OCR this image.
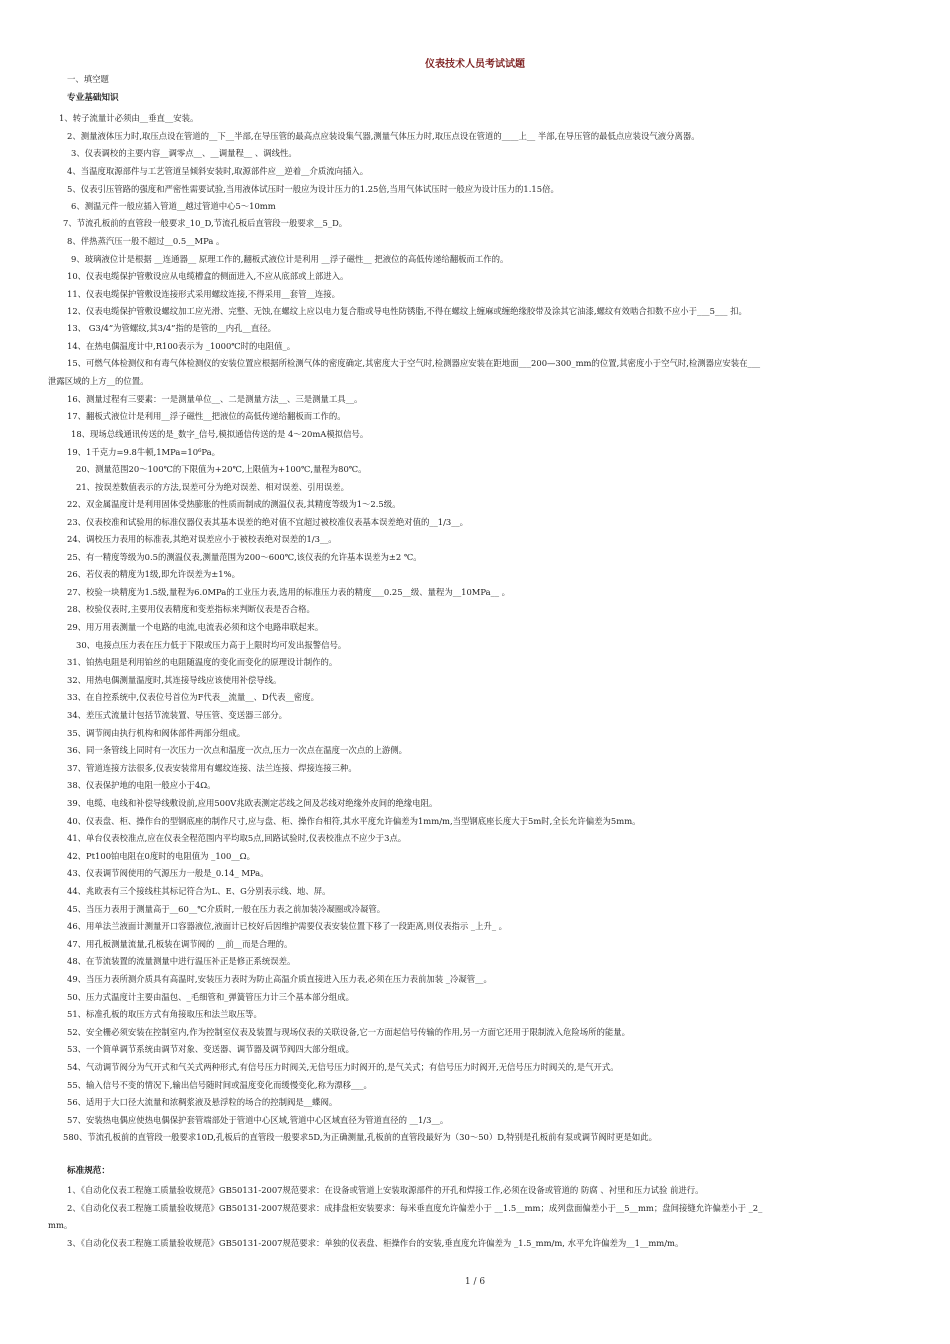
仪表技术人员考试试题
一、填空题
专业基础知识
标准规范：
1、转子流量计必须由__垂直__安装。
2、测量液体压力时,取压点设在管道的__下__半部,在导压管的最高点应装设集气器,测量气体压力时,取压点设在管道的____上__ 半部,在导压管的最低点应装设气液分离器。
3、仪表调校的主要内容__调零点__、__调量程__ 、调线性。
4、当温度取源部件与工艺管道呈倾斜安装时,取源部件应__逆着__介质流向插入。
5、仪表引压管路的强度和严密性需要试验,当用液体试压时一般应为设计压力的1.25倍,当用气体试压时一般应为设计压力的1.15倍。
6、测温元件一般应插入管道__越过管道中心5～10mm
7、节流孔板前的直管段一般要求_10_D,节流孔板后直管段一般要求__5_D。
8、伴热蒸汽压一般不超过__0.5__MPa 。
9、玻璃液位计是根据 __连通器__ 原理工作的,翻板式液位计是利用 __浮子磁性__ 把液位的高低传递给翻板而工作的。
10、仪表电缆保护管敷设应从电缆槽盒的侧面进入,不应从底部或上部进入。
11、仪表电缆保护管敷设连接形式采用螺纹连接,不得采用__套管__连接。
12、仪表电缆保护管敷设螺纹加工应光滑、完整、无蚀,在螺纹上应以电力复合脂或导电性防锈脂,不得在螺纹上缠麻或缠绝缘胶带及涂其它油漆,螺纹有效啮合扣数不应小于___5___ 扣。
13、 G3/4”为管螺纹,其3/4”指的是管的__内孔__直径。
14、在热电偶温度计中,R100表示为 _1000℃时的电阻值_。
15、可燃气体检测仪和有毒气体检测仪的安装位置应根据所检测气体的密度确定,其密度大于空气时,检测器应安装在距地面___200—300_mm的位置,其密度小于空气时,检测器应安装在___
泄露区域的上方__的位置。
16、测量过程有三要素：一是测量单位__、二是测量方法__、三是测量工具__。
17、翻板式液位计是利用__浮子磁性__把液位的高低传递给翻板而工作的。
18、现场总线通讯传送的是_数字_信号,模拟通信传送的是 4～20mA模拟信号。
19、1千克力=9.8牛顿,1MPa=10⁶Pa。
20、测量范围20～100℃的下限值为+20℃,上限值为+100℃,量程为80℃。
21、按误差数值表示的方法,误差可分为绝对误差、相对误差、引用误差。
22、双金属温度计是利用固体受热膨胀的性质而制成的测温仪表,其精度等级为1～2.5级。
23、仪表校准和试验用的标准仪器仪表其基本误差的绝对值不宜超过被校准仪表基本误差绝对值的__1/3__。
24、调校压力表用的标准表,其绝对误差应小于被校表绝对误差的1/3__。
25、有一精度等级为0.5的测温仪表,测量范围为200～600℃,该仪表的允许基本误差为±2 ℃。
26、若仪表的精度为1级,即允许误差为±1%。
27、校验一块精度为1.5级,量程为6.0MPa的工业压力表,选用的标准压力表的精度___0.25__级、量程为__10MPa__ 。
28、校验仪表时,主要用仪表精度和变差指标来判断仪表是否合格。
29、用万用表测量一个电路的电流,电流表必须和这个电路串联起来。
30、电接点压力表在压力低于下限或压力高于上限时均可发出报警信号。
31、铂热电阻是利用铂丝的电阻随温度的变化而变化的原理设计制作的。
32、用热电偶测量温度时,其连接导线应该使用补偿导线。
33、在自控系统中,仪表位号首位为F代表__流量__、D代表__密度。
34、差压式流量计包括节流装置、导压管、变送器三部分。
35、调节阀由执行机构和阀体部件两部分组成。
36、同一条管线上同时有一次压力一次点和温度一次点,压力一次点在温度一次点的上游侧。
37、管道连接方法很多,仪表安装常用有螺纹连接、法兰连接、焊接连接三种。
38、仪表保护地的电阻一般应小于4Ω。
39、电缆、电线和补偿导线敷设前,应用500V兆欧表测定芯线之间及芯线对绝缘外皮间的绝缘电阻。
40、仪表盘、柜、操作台的型钢底座的制作尺寸,应与盘、柜、操作台相符,其水平度允许偏差为1mm/m,当型钢底座长度大于5m时,全长允许偏差为5mm。
41、单台仪表校准点,应在仪表全程范围内平均取5点,回路试验时,仪表校准点不应少于3点。
42、Pt100铂电阻在0度时的电阻值为 _100__Ω。
43、仪表调节阀使用的气源压力一般是_0.14_ MPa。
44、兆欧表有三个接线柱其标记符合为L、E、G分别表示线、地、屏。
45、当压力表用于测量高于__60__℃介质时,一般在压力表之前加装冷凝圈或冷凝管。
46、用单法兰液面计测量开口容器液位,液面计已校好后因维护需要仪表安装位置下移了一段距离,则仪表指示 _上升_ 。
47、用孔板测量流量,孔板装在调节阀的 __前__而是合理的。
48、在节流装置的流量测量中进行温压补正是修正系统误差。
49、当压力表所测介质具有高温时,安装压力表时为防止高温介质直接进入压力表,必须在压力表前加装 _冷凝管__。
50、压力式温度计主要由温包、_毛细管和_弹簧管压力计三个基本部分组成。
51、标准孔板的取压方式有角接取压和法兰取压等。
52、安全栅必须安装在控制室内,作为控制室仪表及装置与现场仪表的关联设备,它一方面起信号传输的作用,另一方面它还用于限制流入危险场所的能量。
53、一个简单调节系统由调节对象、变送器、调节器及调节阀四大部分组成。
54、气动调节阀分为气开式和气关式两种形式,有信号压力时阀关,无信号压力时阀开的,是气关式；有信号压力时阀开,无信号压力时阀关的,是气开式。
55、输入信号不变的情况下,输出信号随时间或温度变化而缓慢变化,称为漂移___。
56、适用于大口径大流量和浓稠浆液及悬浮粒的场合的控制阀是__蝶阀。
57、安装热电偶应使热电偶保护套管端部处于管道中心区域,管道中心区域直径为管道直径的 __1/3__。
580、节流孔板前的直管段一般要求10D,孔板后的直管段一般要求5D,为正确测量,孔板前的直管段最好为（30～50）D,特别是孔板前有泵或调节阀时更是如此。
1、《自动化仪表工程施工质量验收规范》GB50131-2007规范要求：在设备或管道上安装取源部件的开孔和焊接工作,必须在设备或管道的 防腐 、衬里和压力试验 前进行。
2、《自动化仪表工程施工质量验收规范》GB50131-2007规范要求：成排盘柜安装要求：每米垂直度允许偏差小于 __1.5__mm；成列盘面偏差小于__5__mm；盘间接缝允许偏差小于 _2_
mm。
3、《自动化仪表工程施工质量验收规范》GB50131-2007规范要求：单独的仪表盘、柜操作台的安装,垂直度允许偏差为 _1.5_mm/m, 水平允许偏差为__1__mm/m。
1 / 6
